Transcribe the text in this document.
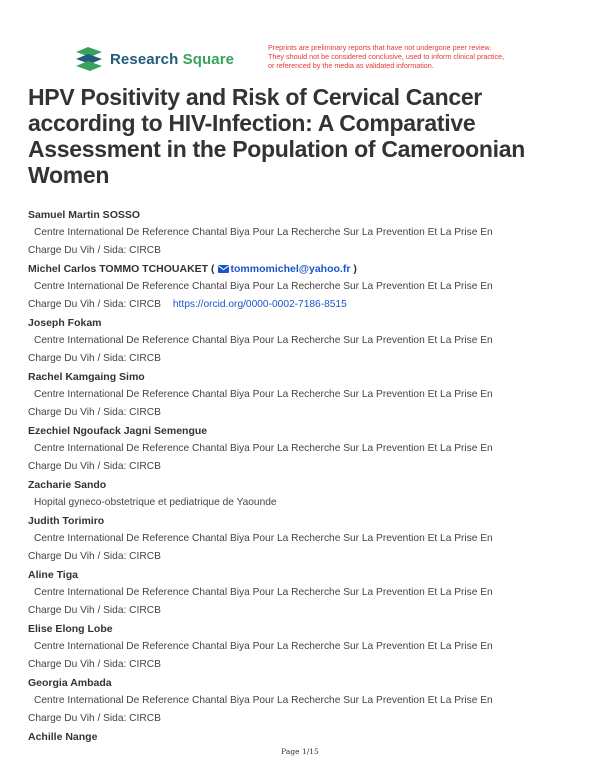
Research Square
Preprints are preliminary reports that have not undergone peer review.
They should not be considered conclusive, used to inform clinical practice,
or referenced by the media as validated information.
HPV Positivity and Risk of Cervical Cancer according to HIV-Infection: A Comparative Assessment in the Population of Cameroonian Women
Samuel Martin SOSSO
Centre International De Reference Chantal Biya Pour La Recherche Sur La Prevention Et La Prise En
Charge Du Vih / Sida: CIRCB
Michel Carlos TOMMO TCHOUAKET ( tommomichel@yahoo.fr )
Centre International De Reference Chantal Biya Pour La Recherche Sur La Prevention Et La Prise En
Charge Du Vih / Sida: CIRCB https://orcid.org/0000-0002-7186-8515
Joseph Fokam
Centre International De Reference Chantal Biya Pour La Recherche Sur La Prevention Et La Prise En
Charge Du Vih / Sida: CIRCB
Rachel Kamgaing Simo
Centre International De Reference Chantal Biya Pour La Recherche Sur La Prevention Et La Prise En
Charge Du Vih / Sida: CIRCB
Ezechiel Ngoufack Jagni Semengue
Centre International De Reference Chantal Biya Pour La Recherche Sur La Prevention Et La Prise En
Charge Du Vih / Sida: CIRCB
Zacharie Sando
Hopital gyneco-obstetrique et pediatrique de Yaounde
Judith Torimiro
Centre International De Reference Chantal Biya Pour La Recherche Sur La Prevention Et La Prise En
Charge Du Vih / Sida: CIRCB
Aline Tiga
Centre International De Reference Chantal Biya Pour La Recherche Sur La Prevention Et La Prise En
Charge Du Vih / Sida: CIRCB
Elise Elong Lobe
Centre International De Reference Chantal Biya Pour La Recherche Sur La Prevention Et La Prise En
Charge Du Vih / Sida: CIRCB
Georgia Ambada
Centre International De Reference Chantal Biya Pour La Recherche Sur La Prevention Et La Prise En
Charge Du Vih / Sida: CIRCB
Achille Nange
Page 1/15
